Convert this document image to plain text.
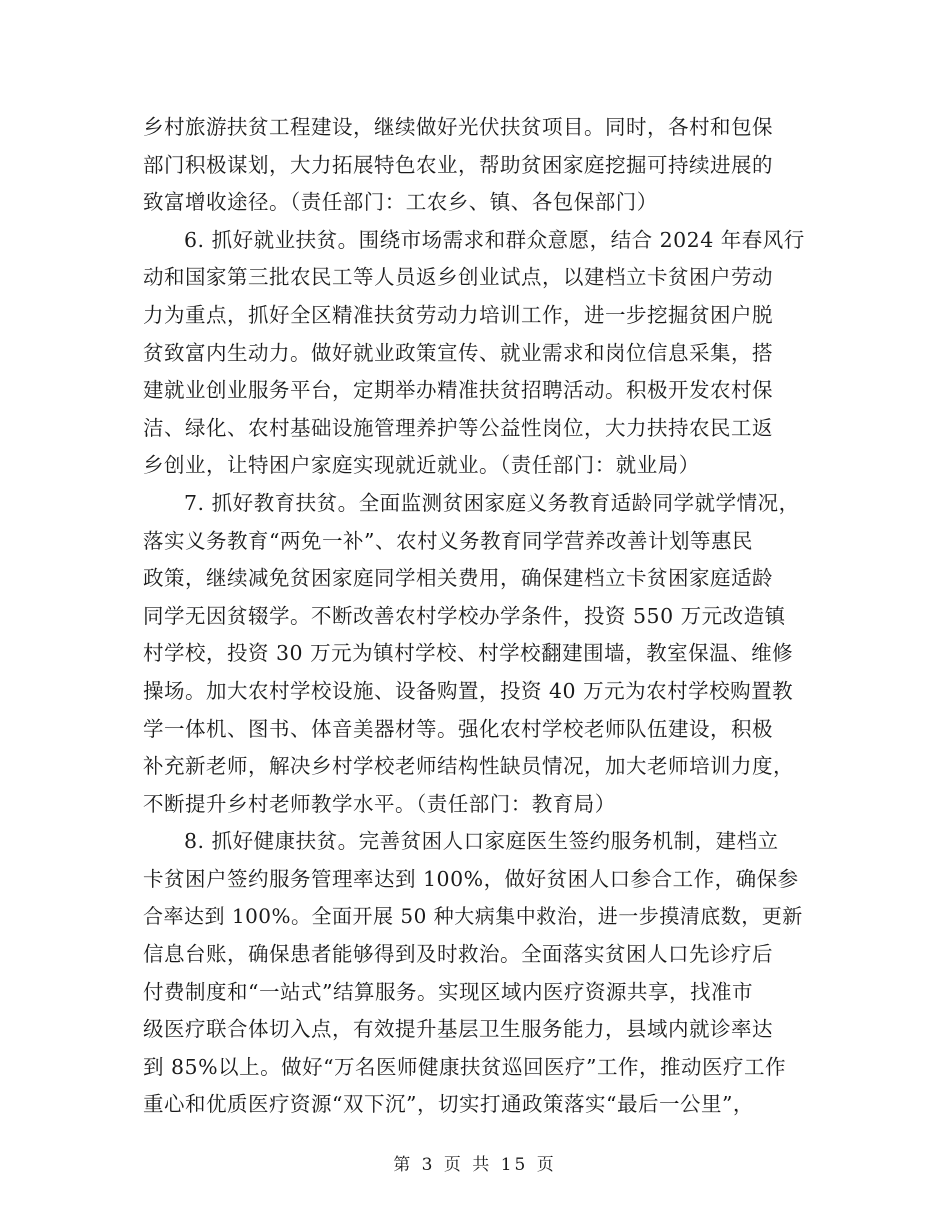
乡村旅游扶贫工程建设，继续做好光伏扶贫项目。同时，各村和包保
部门积极谋划，大力拓展特色农业，帮助贫困家庭挖掘可持续进展的
致富增收途径。（责任部门：工农乡、镇、各包保部门）
6. 抓好就业扶贫。围绕市场需求和群众意愿，结合 2024 年春风行
动和国家第三批农民工等人员返乡创业试点，以建档立卡贫困户劳动
力为重点，抓好全区精准扶贫劳动力培训工作，进一步挖掘贫困户脱
贫致富内生动力。做好就业政策宣传、就业需求和岗位信息采集，搭
建就业创业服务平台，定期举办精准扶贫招聘活动。积极开发农村保
洁、绿化、农村基础设施管理养护等公益性岗位，大力扶持农民工返
乡创业，让特困户家庭实现就近就业。（责任部门：就业局）
7. 抓好教育扶贫。全面监测贫困家庭义务教育适龄同学就学情况，
落实义务教育“两免一补”、农村义务教育同学营养改善计划等惠民
政策，继续减免贫困家庭同学相关费用，确保建档立卡贫困家庭适龄
同学无因贫辍学。不断改善农村学校办学条件，投资 550 万元改造镇
村学校，投资 30 万元为镇村学校、村学校翻建围墙，教室保温、维修
操场。加大农村学校设施、设备购置，投资 40 万元为农村学校购置教
学一体机、图书、体音美器材等。强化农村学校老师队伍建设，积极
补充新老师，解决乡村学校老师结构性缺员情况，加大老师培训力度，
不断提升乡村老师教学水平。（责任部门：教育局）
8. 抓好健康扶贫。完善贫困人口家庭医生签约服务机制，建档立
卡贫困户签约服务管理率达到 100%，做好贫困人口参合工作，确保参
合率达到 100%。全面开展 50 种大病集中救治，进一步摸清底数，更新
信息台账，确保患者能够得到及时救治。全面落实贫困人口先诊疗后
付费制度和“一站式”结算服务。实现区域内医疗资源共享，找准市
级医疗联合体切入点，有效提升基层卫生服务能力，县域内就诊率达
到 85%以上。做好“万名医师健康扶贫巡回医疗”工作，推动医疗工作
重心和优质医疗资源“双下沉”，切实打通政策落实“最后一公里”，
第 3 页 共 15 页
